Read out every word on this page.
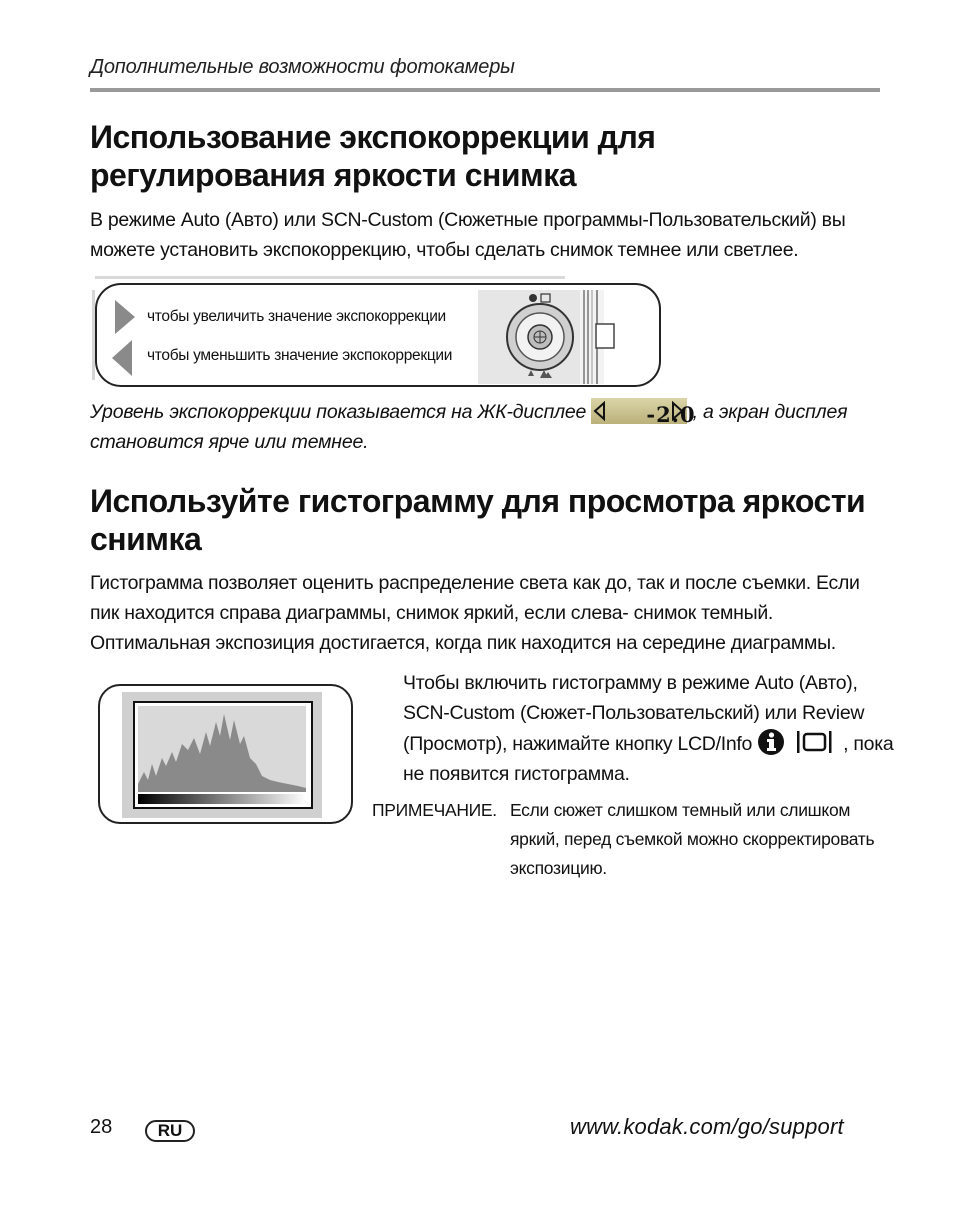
Дополнительные возможности фотокамеры
Использование экспокоррекции для регулирования яркости снимка

В режиме Auto (Авто) или SCN-Custom (Сюжетные программы-Пользовательский) вы можете установить экспокоррекцию, чтобы сделать снимок темнее или светлее.

чтобы увеличить значение экспокоррекции
чтобы уменьшить значение экспокоррекции

Уровень экспокоррекции показывается на ЖК-дисплее	, а экран дисплея становится ярче или темнее.

-2.0
Используйте гистограмму для просмотра яркости снимка

Гистограмма позволяет оценить распределение света как до, так и после съемки. Если пик находится справа диаграммы, снимок яркий, если слева- снимок темный. Оптимальная экспозиция достигается, когда пик находится на середине диаграммы.

Чтобы включить гистограмму в режиме Auto (Авто), SCN-Custom (Сюжет-Пользовательский) или Review (Просмотр), нажимайте кнопку LCD/Info	, пока не появится гистограмма.

ПРИМЕЧАНИЕ. Если сюжет слишком темный или слишком яркий, перед съемкой можно скорректировать экспозицию.
28	RU	www.kodak.com/go/support
